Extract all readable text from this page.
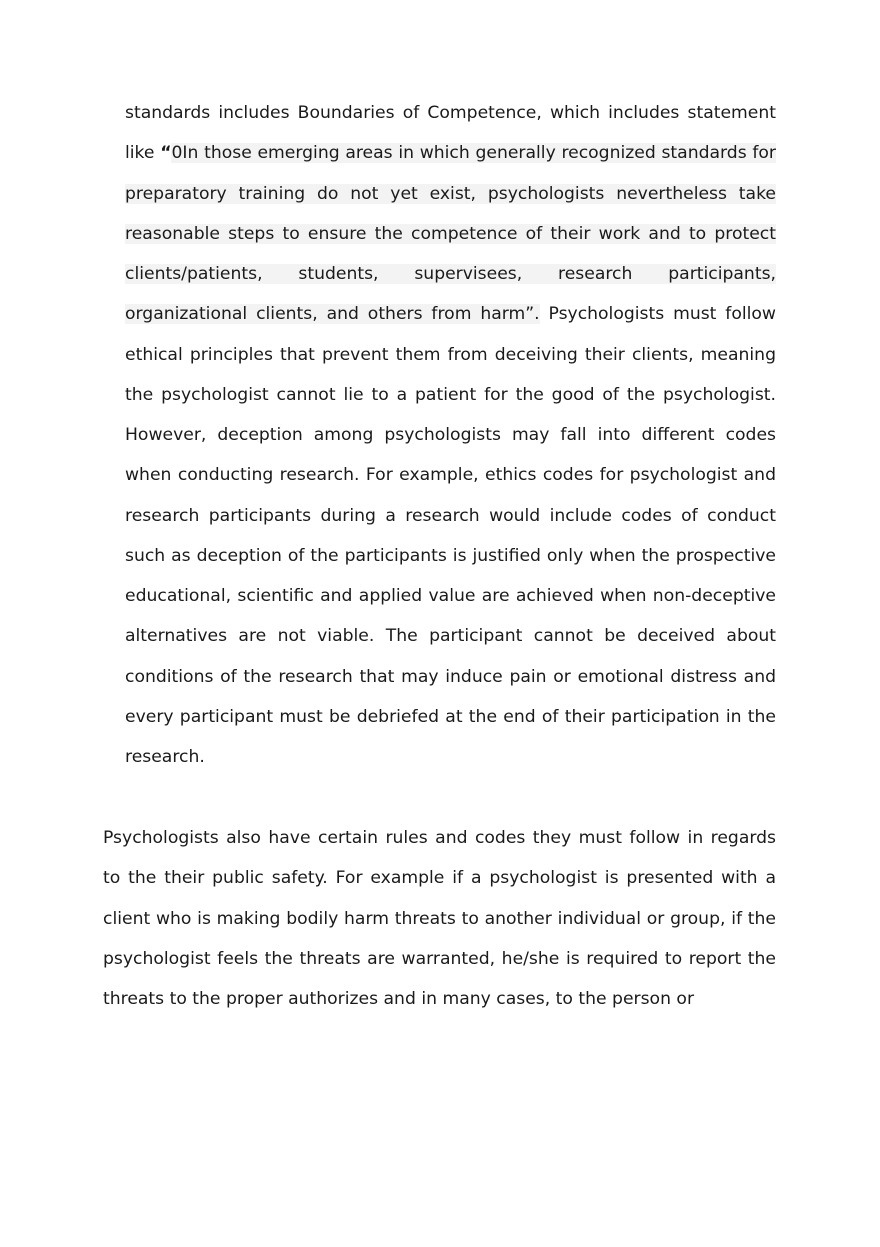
standards includes Boundaries of Competence, which includes statement like “0In those emerging areas in which generally recognized standards for preparatory training do not yet exist, psychologists nevertheless take reasonable steps to ensure the competence of their work and to protect clients/patients, students, supervisees, research participants, organizational clients, and others from harm”. Psychologists must follow ethical principles that prevent them from deceiving their clients, meaning the psychologist cannot lie to a patient for the good of the psychologist. However, deception among psychologists may fall into different codes when conducting research. For example, ethics codes for psychologist and research participants during a research would include codes of conduct such as deception of the participants is justified only when the prospective educational, scientific and applied value are achieved when non-deceptive alternatives are not viable. The participant cannot be deceived about conditions of the research that may induce pain or emotional distress and every participant must be debriefed at the end of their participation in the research.

Psychologists also have certain rules and codes they must follow in regards to the their public safety. For example if a psychologist is presented with a client who is making bodily harm threats to another individual or group, if the psychologist feels the threats are warranted, he/she is required to report the threats to the proper authorizes and in many cases, to the person or
